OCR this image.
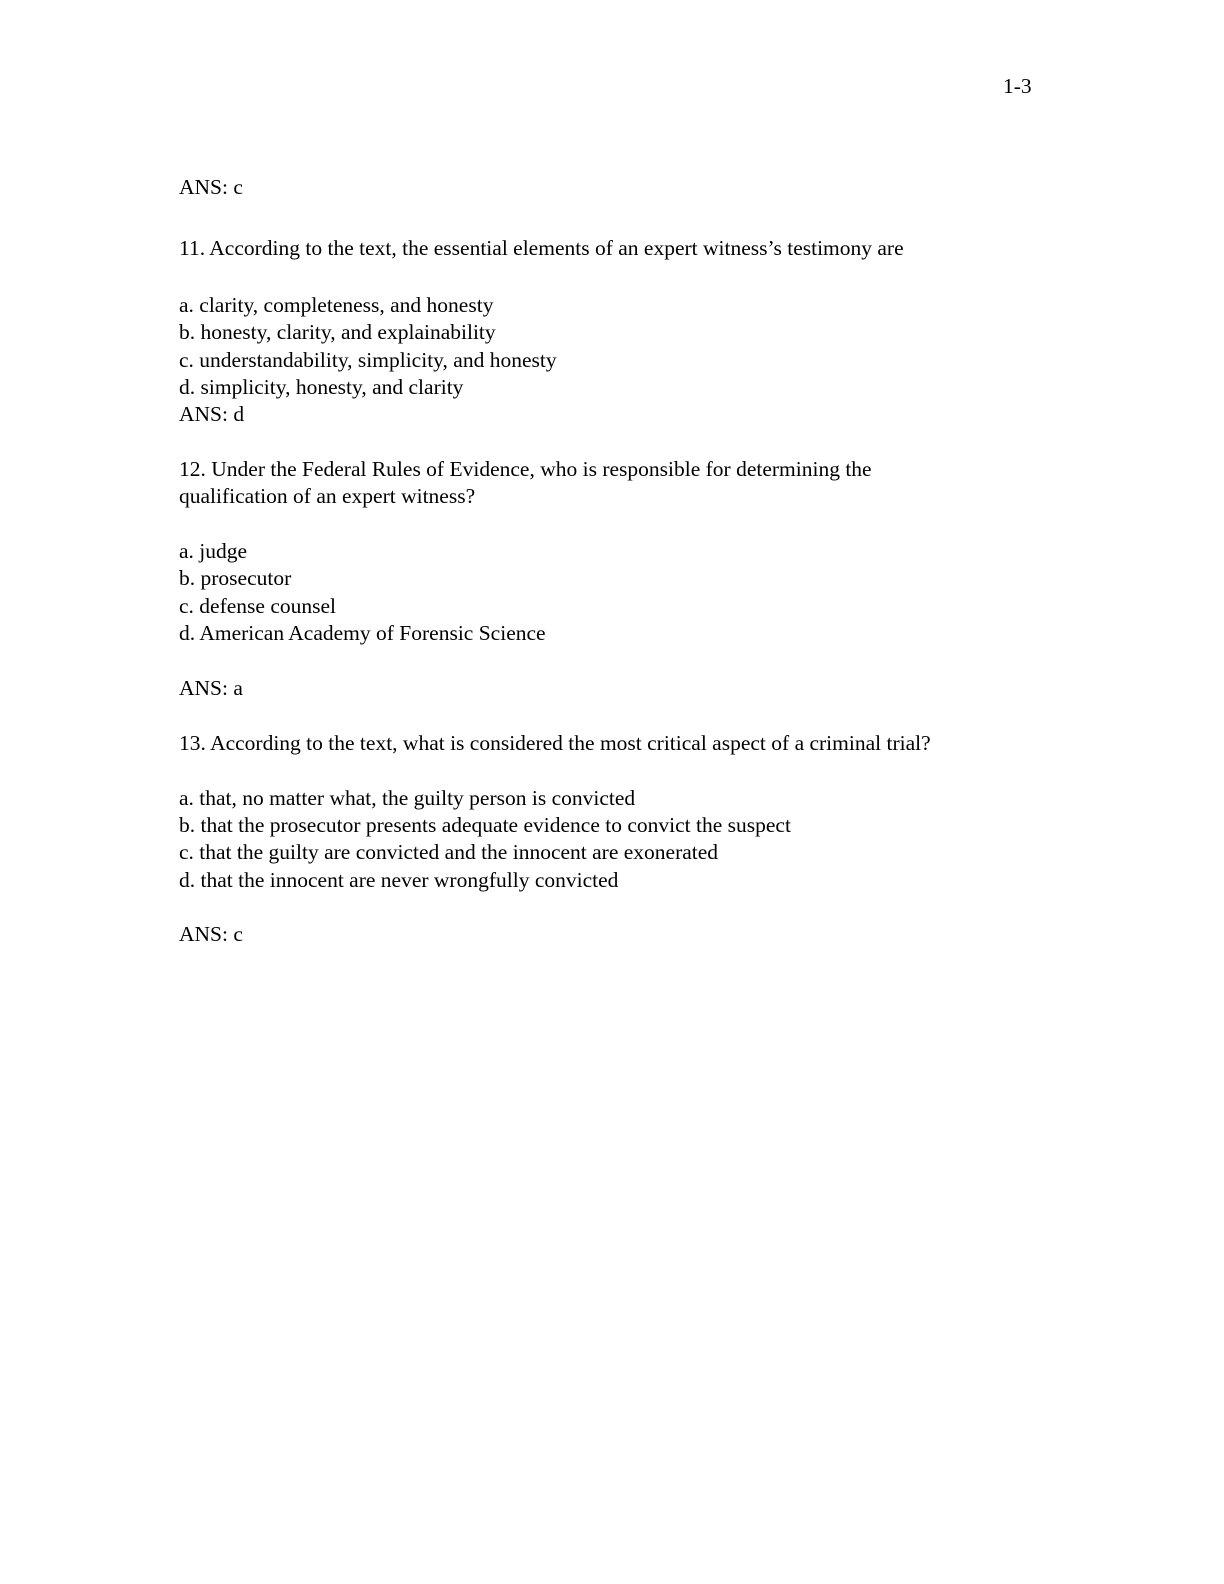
1-3
ANS: c
11. According to the text, the essential elements of an expert witness’s testimony are
a. clarity, completeness, and honesty
b. honesty, clarity, and explainability
c. understandability, simplicity, and honesty
d. simplicity, honesty, and clarity
ANS: d
12. Under the Federal Rules of Evidence, who is responsible for determining the
qualification of an expert witness?
a. judge
b. prosecutor
c. defense counsel
d. American Academy of Forensic Science
ANS: a
13. According to the text, what is considered the most critical aspect of a criminal trial?
a. that, no matter what, the guilty person is convicted
b. that the prosecutor presents adequate evidence to convict the suspect
c. that the guilty are convicted and the innocent are exonerated
d. that the innocent are never wrongfully convicted
ANS: c
